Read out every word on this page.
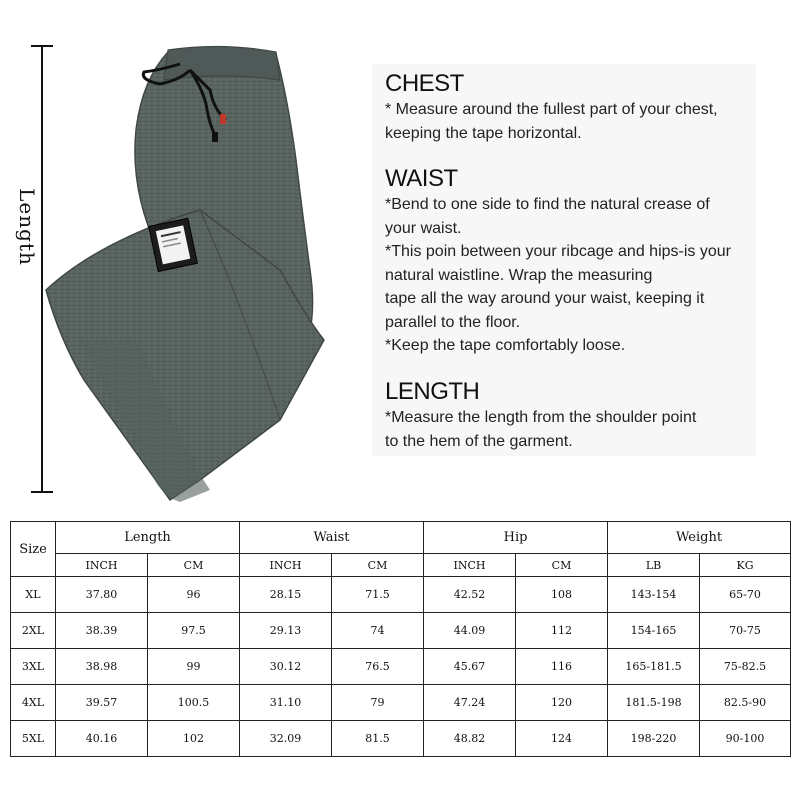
Length
CHEST
* Measure around the fullest part of your chest,
keeping the tape horizontal.
WAIST
*Bend to one side to find the natural crease of
your waist.
*This poin between your ribcage and hips-is your
natural waistline. Wrap the measuring
tape all the way around your waist, keeping it
parallel to the floor.
*Keep the tape comfortably loose.
LENGTH
*Measure the length from the shoulder point
to the hem of the garment.
Size	Length		Waist		Hip		Weight	
	INCH	CM	INCH	CM	INCH	CM	LB	KG
XL	37.80	96	28.15	71.5	42.52	108	143-154	65-70
2XL	38.39	97.5	29.13	74	44.09	112	154-165	70-75
3XL	38.98	99	30.12	76.5	45.67	116	165-181.5	75-82.5
4XL	39.57	100.5	31.10	79	47.24	120	181.5-198	82.5-90
5XL	40.16	102	32.09	81.5	48.82	124	198-220	90-100
